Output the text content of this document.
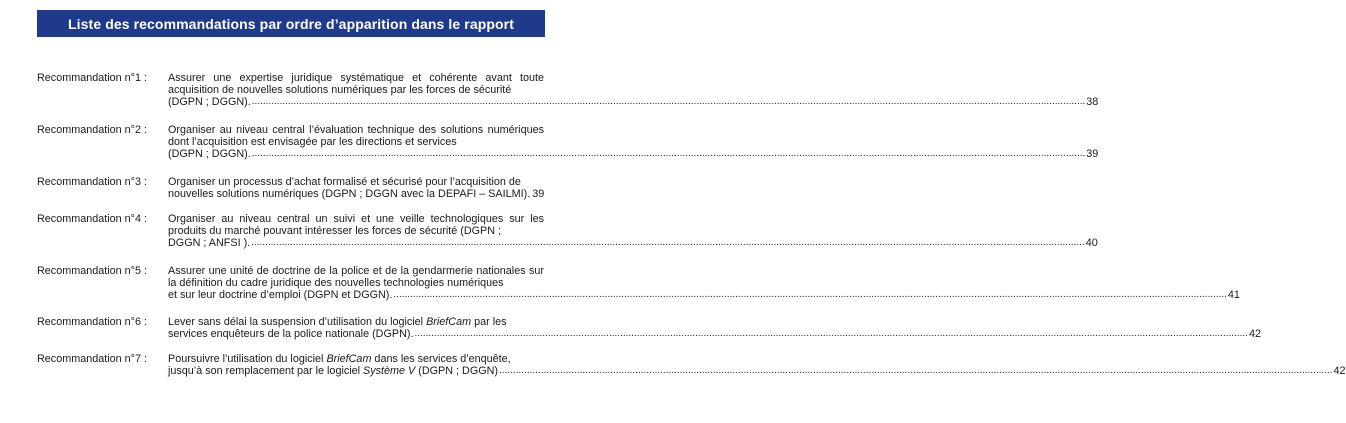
Liste des recommandations par ordre d’apparition dans le rapport
Recommandation n°1 :	Assurer une expertise juridique systématique et cohérente avant toute acquisition de nouvelles solutions numériques par les forces de sécurité
(DGPN ; DGGN). ............................................................................................................................................................................................................................................................................................................ 38
Recommandation n°2 :	Organiser au niveau central l’évaluation technique des solutions numériques dont l’acquisition est envisagée par les directions et services
(DGPN ; DGGN). ............................................................................................................................................................................................................................................................................................................ 39
Recommandation n°3 :	Organiser un processus d’achat formalisé et sécurisé pour l’acquisition de
nouvelles solutions numériques (DGPN ; DGGN avec la DEPAFI – SAILMI). 39
Recommandation n°4 :	Organiser au niveau central un suivi et une veille technologiques sur les produits du marché pouvant intéresser les forces de sécurité (DGPN ;
DGGN ; ANFSI ). ............................................................................................................................................................................................................................................................................................................ 40
Recommandation n°5 :	Assurer une unité de doctrine de la police et de la gendarmerie nationales sur la définition du cadre juridique des nouvelles technologies numériques
et sur leur doctrine d’emploi (DGPN et DGGN). ............................................................................................................................................................................................................................................................................................................ 41
Recommandation n°6 :	Lever sans délai la suspension d’utilisation du logiciel BriefCam par les
services enquêteurs de la police nationale (DGPN). ............................................................................................................................................................................................................................................................................................................ 42
Recommandation n°7 :	Poursuivre l’utilisation du logiciel BriefCam dans les services d’enquête,
jusqu’à son remplacement par le logiciel Système V (DGPN ; DGGN) ............................................................................................................................................................................................................................................................................................................ 42
